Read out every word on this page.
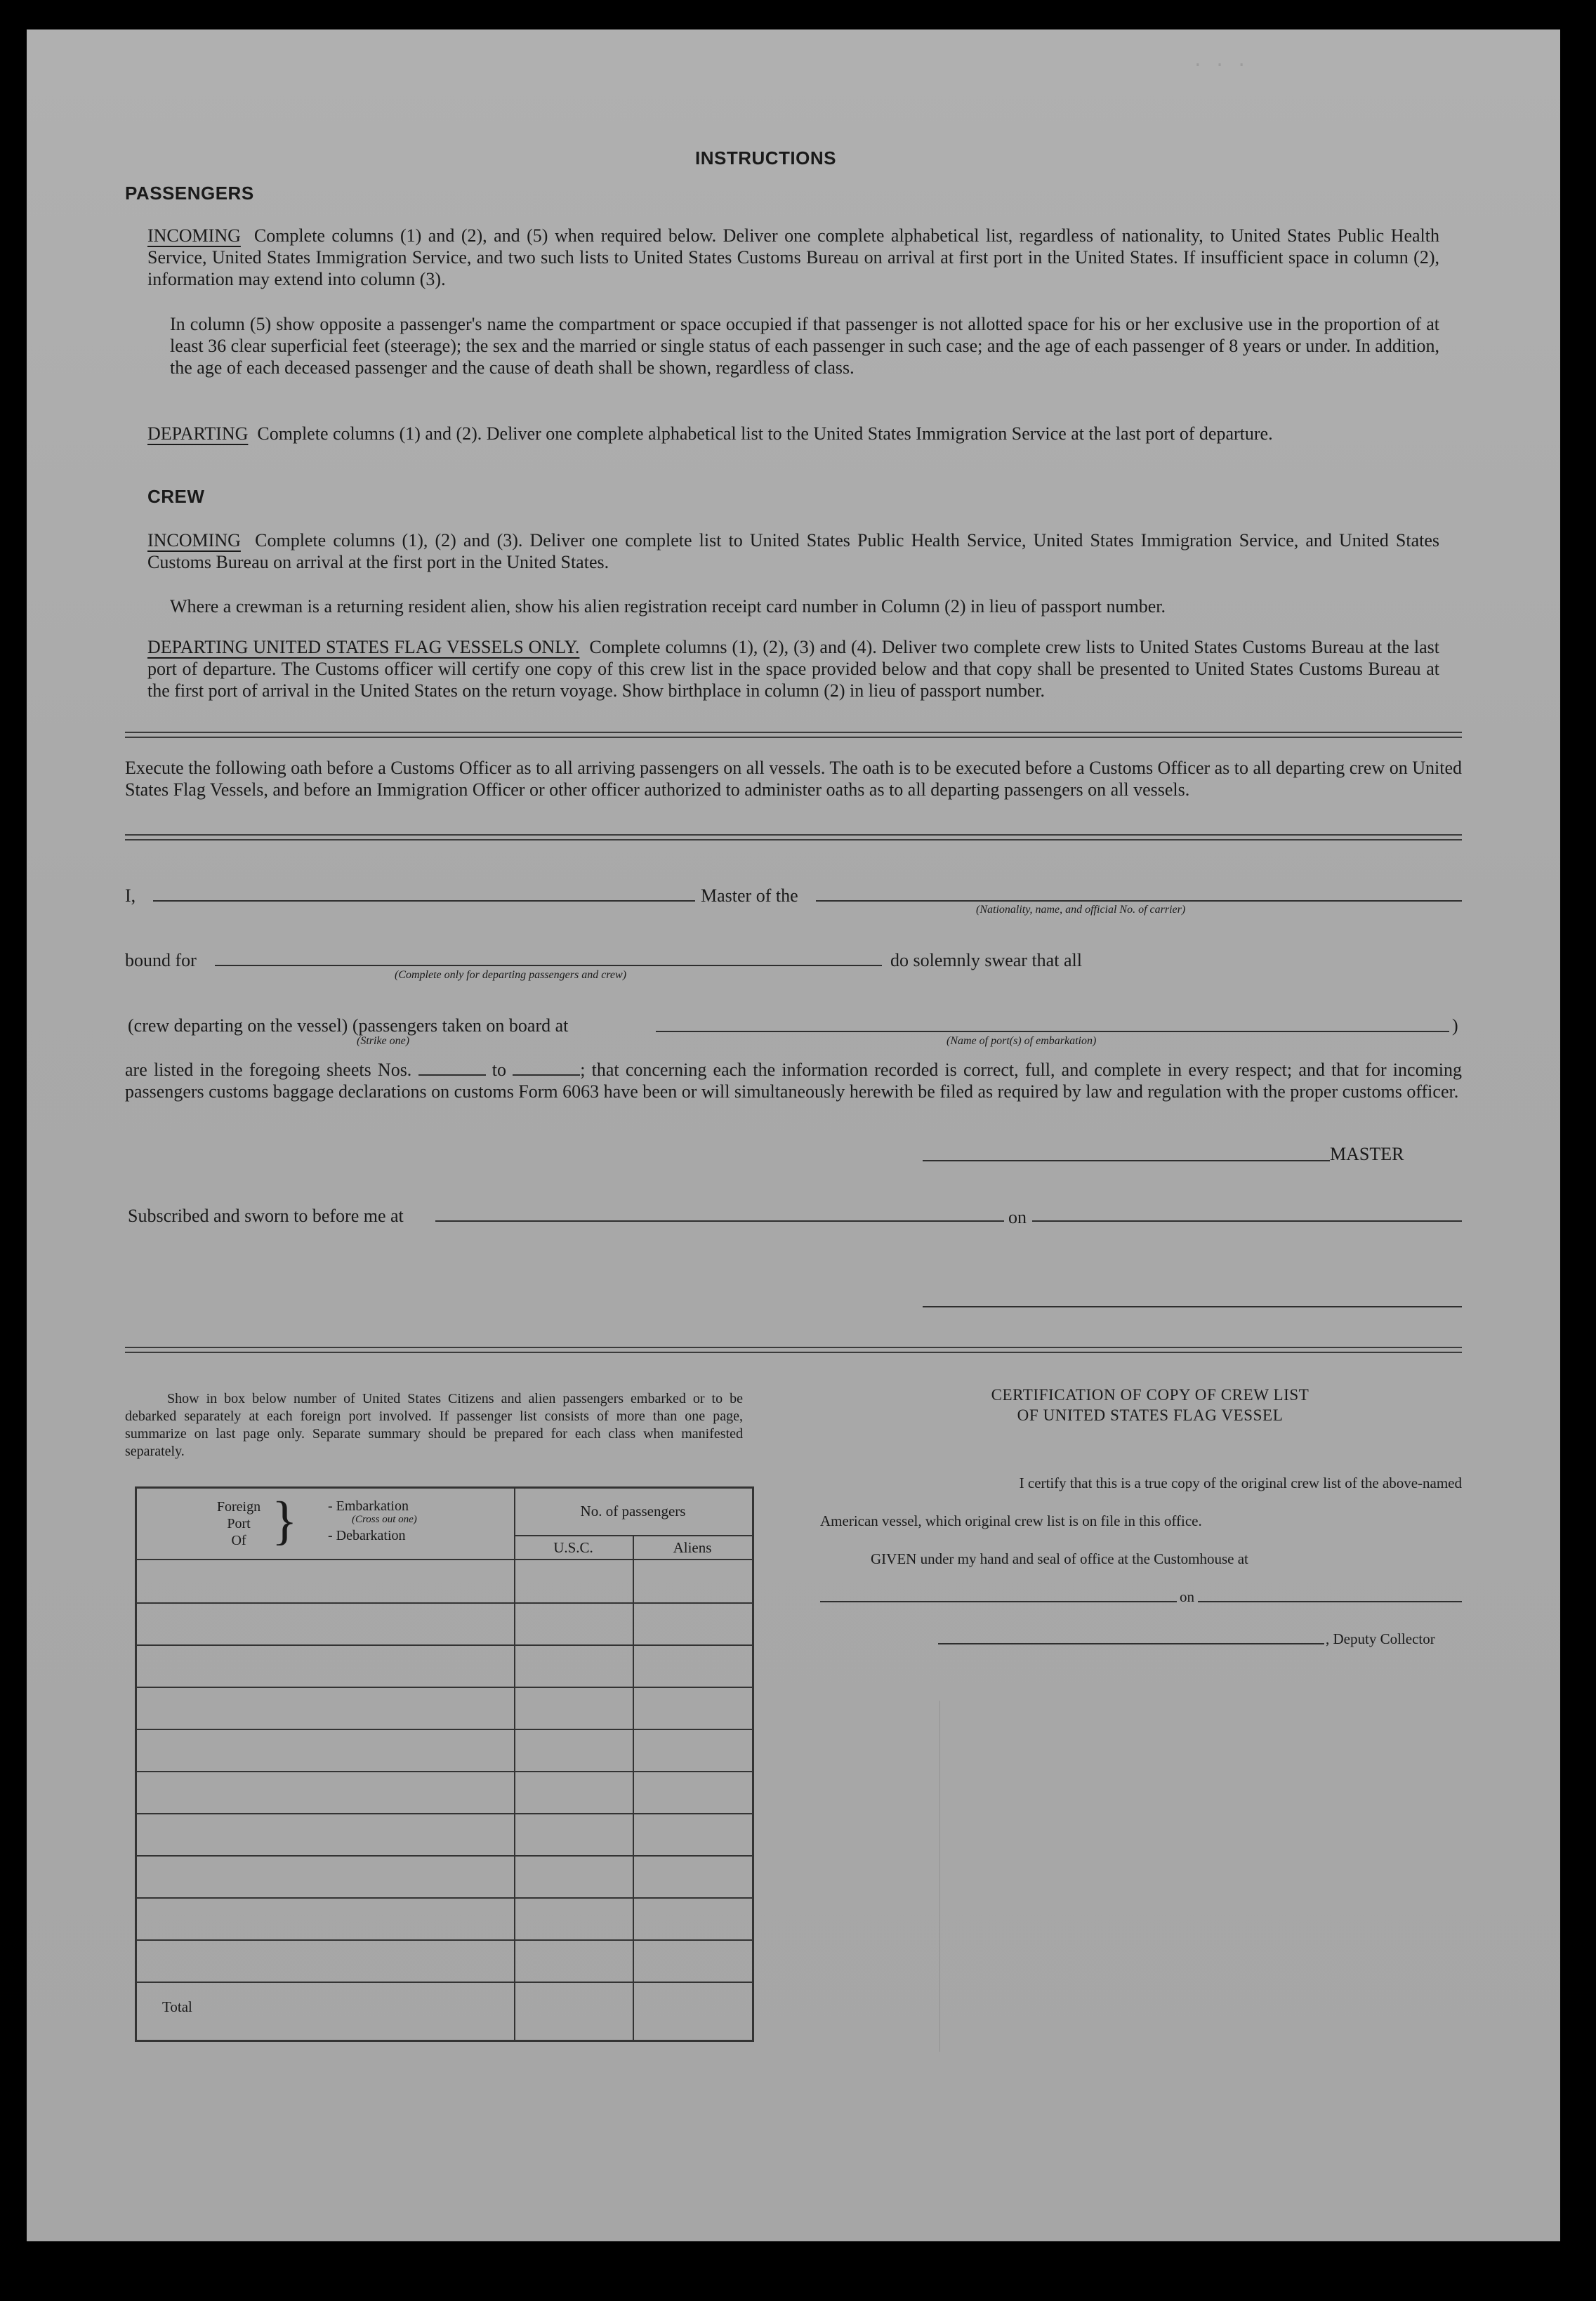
. . .
INSTRUCTIONS
PASSENGERS
INCOMING Complete columns (1) and (2), and (5) when required below. Deliver one complete alphabetical list, regardless of nationality, to United States Public Health Service, United States Immigration Service, and two such lists to United States Customs Bureau on arrival at first port in the United States. If insufficient space in column (2), information may extend into column (3).
In column (5) show opposite a passenger's name the compartment or space occupied if that passenger is not allotted space for his or her exclusive use in the proportion of at least 36 clear superficial feet (steerage); the sex and the married or single status of each passenger in such case; and the age of each passenger of 8 years or under. In addition, the age of each deceased passenger and the cause of death shall be shown, regardless of class.
DEPARTING Complete columns (1) and (2). Deliver one complete alphabetical list to the United States Immigration Service at the last port of departure.
CREW
INCOMING Complete columns (1), (2) and (3). Deliver one complete list to United States Public Health Service, United States Immigration Service, and United States Customs Bureau on arrival at the first port in the United States.
Where a crewman is a returning resident alien, show his alien registration receipt card number in Column (2) in lieu of passport number.
DEPARTING UNITED STATES FLAG VESSELS ONLY. Complete columns (1), (2), (3) and (4). Deliver two complete crew lists to United States Customs Bureau at the last port of departure. The Customs officer will certify one copy of this crew list in the space provided below and that copy shall be presented to United States Customs Bureau at the first port of arrival in the United States on the return voyage. Show birthplace in column (2) in lieu of passport number.
Execute the following oath before a Customs Officer as to all arriving passengers on all vessels. The oath is to be executed before a Customs Officer as to all departing crew on United States Flag Vessels, and before an Immigration Officer or other officer authorized to administer oaths as to all departing passengers on all vessels.
I,	Master of the
(Nationality, name, and official No. of carrier)
bound for
(Complete only for departing passengers and crew)
do solemnly swear that all
(crew departing on the vessel) (passengers taken on board at
(Strike one)
)
(Name of port(s) of embarkation)
are listed in the foregoing sheets Nos.	to	; that concerning each the information recorded is correct, full, and complete in every respect; and that for incoming passengers customs baggage declarations on customs Form 6063 have been or will simultaneously herewith be filed as required by law and regulation with the proper customs officer.
MASTER
Subscribed and sworn to before me at	on
Show in box below number of United States Citizens and alien passengers embarked or to be debarked separately at each foreign port involved. If passenger list consists of more than one page, summarize on last page only. Separate summary should be prepared for each class when manifested separately.
Foreign
Port
Of } - Embarkation
(Cross out one)
- Debarkation
No. of passengers
U.S.C.	Aliens
Total
CERTIFICATION OF COPY OF CREW LIST
OF UNITED STATES FLAG VESSEL
I certify that this is a true copy of the original crew list of the above-named
American vessel, which original crew list is on file in this office.
GIVEN under my hand and seal of office at the Customhouse at
on
, Deputy Collector
